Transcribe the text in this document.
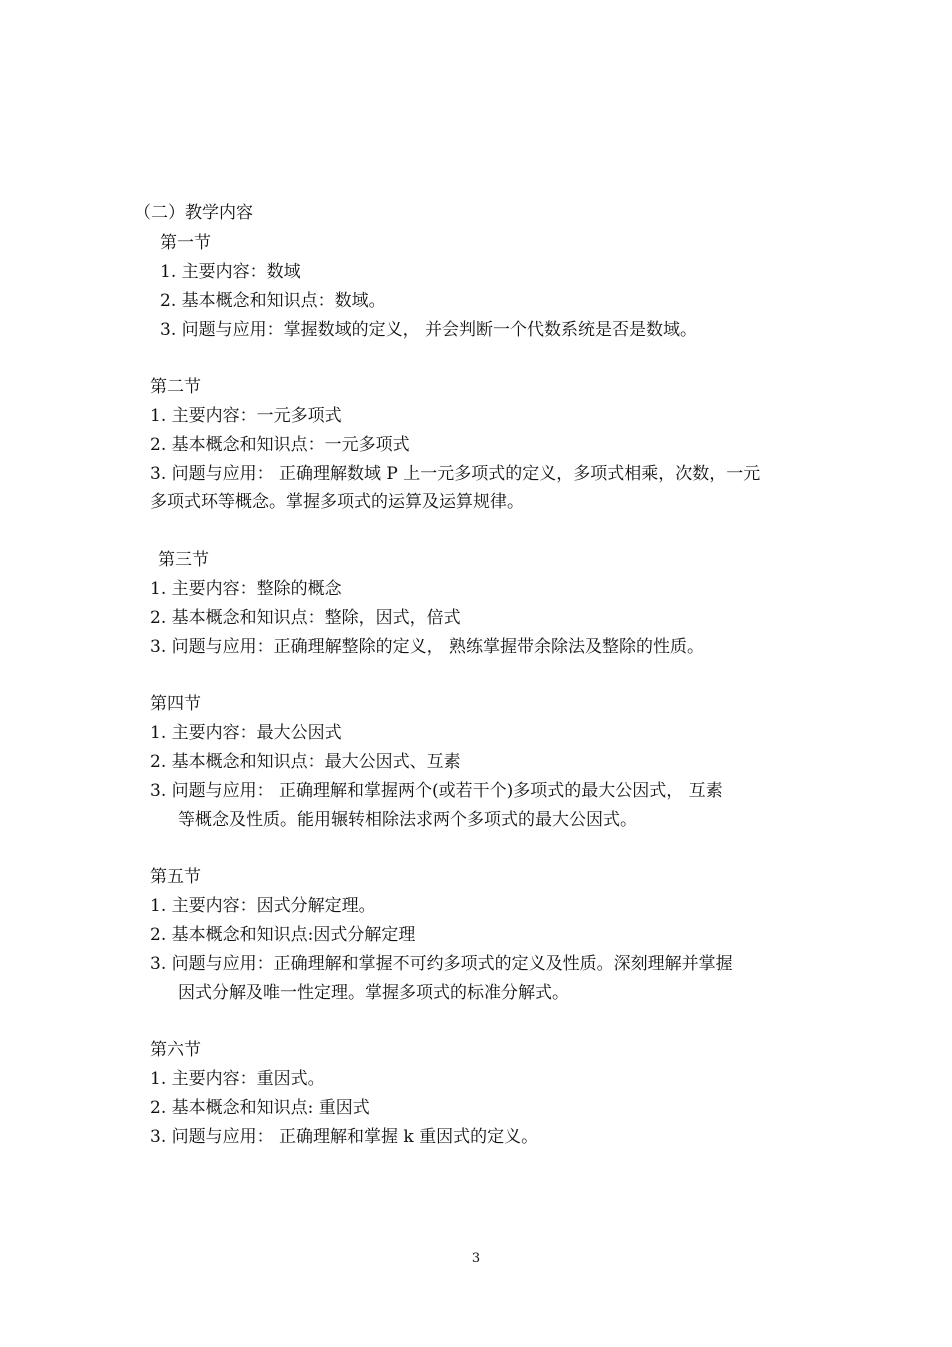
（二）教学内容
第一节
1. 主要内容：数域
2. 基本概念和知识点：数域。
3. 问题与应用：掌握数域的定义， 并会判断一个代数系统是否是数域。
第二节
1. 主要内容：一元多项式
2. 基本概念和知识点：一元多项式
3. 问题与应用： 正确理解数域 P 上一元多项式的定义，多项式相乘，次数，一元
多项式环等概念。掌握多项式的运算及运算规律。
第三节
1. 主要内容：整除的概念
2. 基本概念和知识点：整除，因式，倍式
3. 问题与应用：正确理解整除的定义， 熟练掌握带余除法及整除的性质。
第四节
1. 主要内容：最大公因式
2. 基本概念和知识点：最大公因式、互素
3. 问题与应用： 正确理解和掌握两个(或若干个)多项式的最大公因式， 互素
等概念及性质。能用辗转相除法求两个多项式的最大公因式。
第五节
1. 主要内容：因式分解定理。
2. 基本概念和知识点:因式分解定理
3. 问题与应用：正确理解和掌握不可约多项式的定义及性质。深刻理解并掌握
因式分解及唯一性定理。掌握多项式的标准分解式。
第六节
1. 主要内容：重因式。
2. 基本概念和知识点: 重因式
3. 问题与应用： 正确理解和掌握 k 重因式的定义。
3
